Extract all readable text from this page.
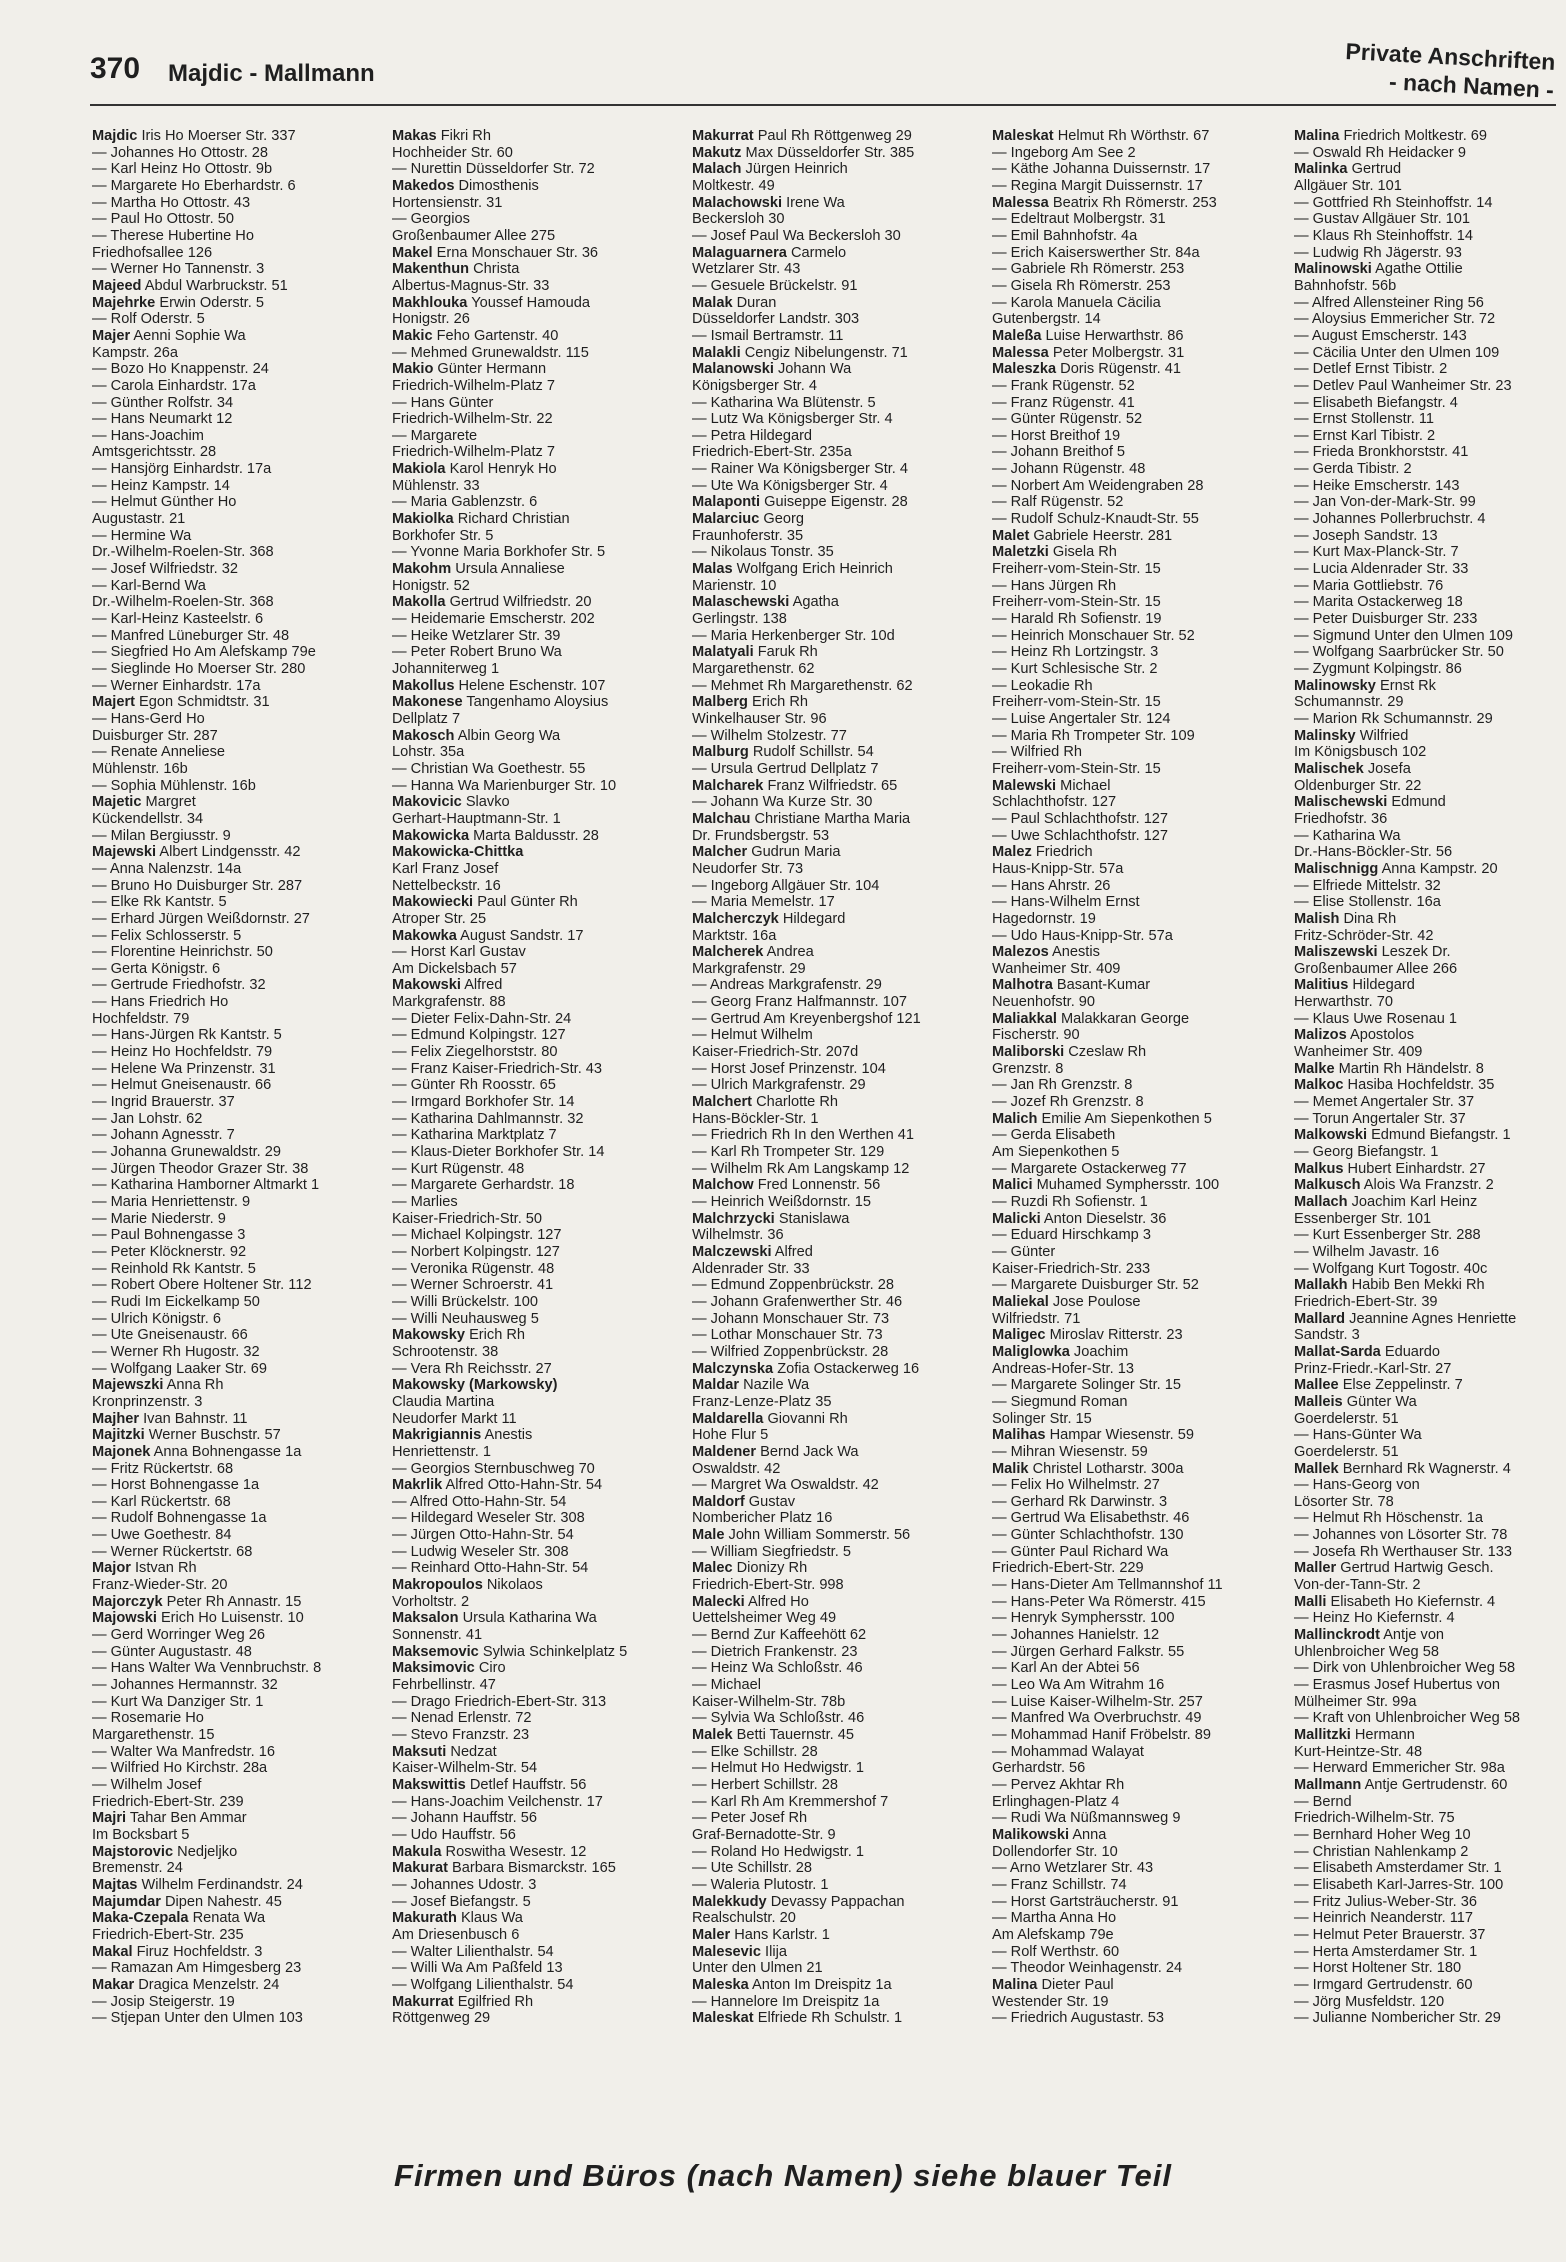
370 Majdic - Mallmann	Private Anschriften
- nach Namen -

Majdic Iris Ho Moerser Str. 337

— Johannes Ho Ottostr. 28

— Karl Heinz Ho Ottostr. 9b

— Margarete Ho Eberhardstr. 6

— Martha Ho Ottostr. 43

— Paul Ho Ottostr. 50

— Therese Hubertine Ho

Friedhofsallee 126

— Werner Ho Tannenstr. 3

Majeed Abdul Warbruckstr. 51

Majehrke Erwin Oderstr. 5

— Rolf Oderstr. 5

Majer Aenni Sophie Wa

Kampstr. 26a

— Bozo Ho Knappenstr. 24

— Carola Einhardstr. 17a

— Günther Rolfstr. 34

— Hans Neumarkt 12

— Hans-Joachim

Amtsgerichtsstr. 28

— Hansjörg Einhardstr. 17a

— Heinz Kampstr. 14

— Helmut Günther Ho

Augustastr. 21

— Hermine Wa

Dr.-Wilhelm-Roelen-Str. 368

— Josef Wilfriedstr. 32

— Karl-Bernd Wa

Dr.-Wilhelm-Roelen-Str. 368

— Karl-Heinz Kasteelstr. 6

— Manfred Lüneburger Str. 48

— Siegfried Ho Am Alefskamp 79e

— Sieglinde Ho Moerser Str. 280

— Werner Einhardstr. 17a

Majert Egon Schmidtstr. 31

— Hans-Gerd Ho

Duisburger Str. 287

— Renate Anneliese

Mühlenstr. 16b

— Sophia Mühlenstr. 16b

Majetic Margret

Kückendellstr. 34

— Milan Bergiusstr. 9

Majewski Albert Lindgensstr. 42

— Anna Nalenzstr. 14a

— Bruno Ho Duisburger Str. 287

— Elke Rk Kantstr. 5

— Erhard Jürgen Weißdornstr. 27

— Felix Schlosserstr. 5

— Florentine Heinrichstr. 50

— Gerta Königstr. 6

— Gertrude Friedhofstr. 32

— Hans Friedrich Ho

Hochfeldstr. 79

— Hans-Jürgen Rk Kantstr. 5

— Heinz Ho Hochfeldstr. 79

— Helene Wa Prinzenstr. 31

— Helmut Gneisenaustr. 66

— Ingrid Brauerstr. 37

— Jan Lohstr. 62

— Johann Agnesstr. 7

— Johanna Grunewaldstr. 29

— Jürgen Theodor Grazer Str. 38

— Katharina Hamborner Altmarkt 1

— Maria Henriettenstr. 9

— Marie Niederstr. 9

— Paul Bohnengasse 3

— Peter Klöcknerstr. 92

— Reinhold Rk Kantstr. 5

— Robert Obere Holtener Str. 112

— Rudi Im Eickelkamp 50

— Ulrich Königstr. 6

— Ute Gneisenaustr. 66

— Werner Rh Hugostr. 32

— Wolfgang Laaker Str. 69

Majewszki Anna Rh

Kronprinzenstr. 3

Majher Ivan Bahnstr. 11

Majitzki Werner Buschstr. 57

Majonek Anna Bohnengasse 1a

— Fritz Rückertstr. 68

— Horst Bohnengasse 1a

— Karl Rückertstr. 68

— Rudolf Bohnengasse 1a

— Uwe Goethestr. 84

— Werner Rückertstr. 68

Major Istvan Rh

Franz-Wieder-Str. 20

Majorczyk Peter Rh Annastr. 15

Majowski Erich Ho Luisenstr. 10

— Gerd Worringer Weg 26

— Günter Augustastr. 48

— Hans Walter Wa Vennbruchstr. 8

— Johannes Hermannstr. 32

— Kurt Wa Danziger Str. 1

— Rosemarie Ho

Margarethenstr. 15

— Walter Wa Manfredstr. 16

— Wilfried Ho Kirchstr. 28a

— Wilhelm Josef

Friedrich-Ebert-Str. 239

Majri Tahar Ben Ammar

Im Bocksbart 5

Majstorovic Nedjeljko

Bremenstr. 24

Majtas Wilhelm Ferdinandstr. 24

Majumdar Dipen Nahestr. 45

Maka-Czepala Renata Wa

Friedrich-Ebert-Str. 235

Makal Firuz Hochfeldstr. 3

— Ramazan Am Himgesberg 23

Makar Dragica Menzelstr. 24

— Josip Steigerstr. 19

— Stjepan Unter den Ulmen 103

Makas Fikri Rh

Hochheider Str. 60

— Nurettin Düsseldorfer Str. 72

Makedos Dimosthenis

Hortensienstr. 31

— Georgios

Großenbaumer Allee 275

Makel Erna Monschauer Str. 36

Makenthun Christa

Albertus-Magnus-Str. 33

Makhlouka Youssef Hamouda

Honigstr. 26

Makic Feho Gartenstr. 40

— Mehmed Grunewaldstr. 115

Makio Günter Hermann

Friedrich-Wilhelm-Platz 7

— Hans Günter

Friedrich-Wilhelm-Str. 22

— Margarete

Friedrich-Wilhelm-Platz 7

Makiola Karol Henryk Ho

Mühlenstr. 33

— Maria Gablenzstr. 6

Makiolka Richard Christian

Borkhofer Str. 5

— Yvonne Maria Borkhofer Str. 5

Makohm Ursula Annaliese

Honigstr. 52

Makolla Gertrud Wilfriedstr. 20

— Heidemarie Emscherstr. 202

— Heike Wetzlarer Str. 39

— Peter Robert Bruno Wa

Johanniterweg 1

Makollus Helene Eschenstr. 107

Makonese Tangenhamo Aloysius

Dellplatz 7

Makosch Albin Georg Wa

Lohstr. 35a

— Christian Wa Goethestr. 55

— Hanna Wa Marienburger Str. 10

Makovicic Slavko

Gerhart-Hauptmann-Str. 1

Makowicka Marta Baldusstr. 28

Makowicka-Chittka

Karl Franz Josef

Nettelbeckstr. 16

Makowiecki Paul Günter Rh

Atroper Str. 25

Makowka August Sandstr. 17

— Horst Karl Gustav

Am Dickelsbach 57

Makowski Alfred

Markgrafenstr. 88

— Dieter Felix-Dahn-Str. 24

— Edmund Kolpingstr. 127

— Felix Ziegelhorststr. 80

— Franz Kaiser-Friedrich-Str. 43

— Günter Rh Roosstr. 65

— Irmgard Borkhofer Str. 14

— Katharina Dahlmannstr. 32

— Katharina Marktplatz 7

— Klaus-Dieter Borkhofer Str. 14

— Kurt Rügenstr. 48

— Margarete Gerhardstr. 18

— Marlies

Kaiser-Friedrich-Str. 50

— Michael Kolpingstr. 127

— Norbert Kolpingstr. 127

— Veronika Rügenstr. 48

— Werner Schroerstr. 41

— Willi Brückelstr. 100

— Willi Neuhausweg 5

Makowsky Erich Rh

Schrootenstr. 38

— Vera Rh Reichsstr. 27

Makowsky (Markowsky)

Claudia Martina

Neudorfer Markt 11

Makrigiannis Anestis

Henriettenstr. 1

— Georgios Sternbuschweg 70

Makrlik Alfred Otto-Hahn-Str. 54

— Alfred Otto-Hahn-Str. 54

— Hildegard Weseler Str. 308

— Jürgen Otto-Hahn-Str. 54

— Ludwig Weseler Str. 308

— Reinhard Otto-Hahn-Str. 54

Makropoulos Nikolaos

Vorholtstr. 2

Maksalon Ursula Katharina Wa

Sonnenstr. 41

Maksemovic Sylwia Schinkelplatz 5

Maksimovic Ciro

Fehrbellinstr. 47

— Drago Friedrich-Ebert-Str. 313

— Nenad Erlenstr. 72

— Stevo Franzstr. 23

Maksuti Nedzat

Kaiser-Wilhelm-Str. 54

Makswittis Detlef Hauffstr. 56

— Hans-Joachim Veilchenstr. 17

— Johann Hauffstr. 56

— Udo Hauffstr. 56

Makula Roswitha Wesestr. 12

Makurat Barbara Bismarckstr. 165

— Johannes Udostr. 3

— Josef Biefangstr. 5

Makurath Klaus Wa

Am Driesenbusch 6

— Walter Lilienthalstr. 54

— Willi Wa Am Paßfeld 13

— Wolfgang Lilienthalstr. 54

Makurrat Egilfried Rh

Röttgenweg 29

Makurrat Paul Rh Röttgenweg 29

Makutz Max Düsseldorfer Str. 385

Malach Jürgen Heinrich

Moltkestr. 49

Malachowski Irene Wa

Beckersloh 30

— Josef Paul Wa Beckersloh 30

Malaguarnera Carmelo

Wetzlarer Str. 43

— Gesuele Brückelstr. 91

Malak Duran

Düsseldorfer Landstr. 303

— Ismail Bertramstr. 11

Malakli Cengiz Nibelungenstr. 71

Malanowski Johann Wa

Königsberger Str. 4

— Katharina Wa Blütenstr. 5

— Lutz Wa Königsberger Str. 4

— Petra Hildegard

Friedrich-Ebert-Str. 235a

— Rainer Wa Königsberger Str. 4

— Ute Wa Königsberger Str. 4

Malaponti Guiseppe Eigenstr. 28

Malarciuc Georg

Fraunhoferstr. 35

— Nikolaus Tonstr. 35

Malas Wolfgang Erich Heinrich

Marienstr. 10

Malaschewski Agatha

Gerlingstr. 138

— Maria Herkenberger Str. 10d

Malatyali Faruk Rh

Margarethenstr. 62

— Mehmet Rh Margarethenstr. 62

Malberg Erich Rh

Winkelhauser Str. 96

— Wilhelm Stolzestr. 77

Malburg Rudolf Schillstr. 54

— Ursula Gertrud Dellplatz 7

Malcharek Franz Wilfriedstr. 65

— Johann Wa Kurze Str. 30

Malchau Christiane Martha Maria

Dr. Frundsbergstr. 53

Malcher Gudrun Maria

Neudorfer Str. 73

— Ingeborg Allgäuer Str. 104

— Maria Memelstr. 17

Malcherczyk Hildegard

Marktstr. 16a

Malcherek Andrea

Markgrafenstr. 29

— Andreas Markgrafenstr. 29

— Georg Franz Halfmannstr. 107

— Gertrud Am Kreyenbergshof 121

— Helmut Wilhelm

Kaiser-Friedrich-Str. 207d

— Horst Josef Prinzenstr. 104

— Ulrich Markgrafenstr. 29

Malchert Charlotte Rh

Hans-Böckler-Str. 1

— Friedrich Rh In den Werthen 41

— Karl Rh Trompeter Str. 129

— Wilhelm Rk Am Langskamp 12

Malchow Fred Lonnenstr. 56

— Heinrich Weißdornstr. 15

Malchrzycki Stanislawa

Wilhelmstr. 36

Malczewski Alfred

Aldenrader Str. 33

— Edmund Zoppenbrückstr. 28

— Johann Grafenwerther Str. 46

— Johann Monschauer Str. 73

— Lothar Monschauer Str. 73

— Wilfried Zoppenbrückstr. 28

Malczynska Zofia Ostackerweg 16

Maldar Nazile Wa

Franz-Lenze-Platz 35

Maldarella Giovanni Rh

Hohe Flur 5

Maldener Bernd Jack Wa

Oswaldstr. 42

— Margret Wa Oswaldstr. 42

Maldorf Gustav

Nombericher Platz 16

Male John William Sommerstr. 56

— William Siegfriedstr. 5

Malec Dionizy Rh

Friedrich-Ebert-Str. 998

Malecki Alfred Ho

Uettelsheimer Weg 49

— Bernd Zur Kaffeehött 62

— Dietrich Frankenstr. 23

— Heinz Wa Schloßstr. 46

— Michael

Kaiser-Wilhelm-Str. 78b

— Sylvia Wa Schloßstr. 46

Malek Betti Tauernstr. 45

— Elke Schillstr. 28

— Helmut Ho Hedwigstr. 1

— Herbert Schillstr. 28

— Karl Rh Am Kremmershof 7

— Peter Josef Rh

Graf-Bernadotte-Str. 9

— Roland Ho Hedwigstr. 1

— Ute Schillstr. 28

— Waleria Plutostr. 1

Malekkudy Devassy Pappachan

Realschulstr. 20

Maler Hans Karlstr. 1

Malesevic Ilija

Unter den Ulmen 21

Maleska Anton Im Dreispitz 1a

— Hannelore Im Dreispitz 1a

Maleskat Elfriede Rh Schulstr. 1

Maleskat Helmut Rh Wörthstr. 67

— Ingeborg Am See 2

— Käthe Johanna Duissernstr. 17

— Regina Margit Duissernstr. 17

Malessa Beatrix Rh Römerstr. 253

— Edeltraut Molbergstr. 31

— Emil Bahnhofstr. 4a

— Erich Kaiserswerther Str. 84a

— Gabriele Rh Römerstr. 253

— Gisela Rh Römerstr. 253

— Karola Manuela Cäcilia

Gutenbergstr. 14

Maleßa Luise Herwarthstr. 86

Malessa Peter Molbergstr. 31

Maleszka Doris Rügenstr. 41

— Frank Rügenstr. 52

— Franz Rügenstr. 41

— Günter Rügenstr. 52

— Horst Breithof 19

— Johann Breithof 5

— Johann Rügenstr. 48

— Norbert Am Weidengraben 28

— Ralf Rügenstr. 52

— Rudolf Schulz-Knaudt-Str. 55

Malet Gabriele Heerstr. 281

Maletzki Gisela Rh

Freiherr-vom-Stein-Str. 15

— Hans Jürgen Rh

Freiherr-vom-Stein-Str. 15

— Harald Rh Sofienstr. 19

— Heinrich Monschauer Str. 52

— Heinz Rh Lortzingstr. 3

— Kurt Schlesische Str. 2

— Leokadie Rh

Freiherr-vom-Stein-Str. 15

— Luise Angertaler Str. 124

— Maria Rh Trompeter Str. 109

— Wilfried Rh

Freiherr-vom-Stein-Str. 15

Malewski Michael

Schlachthofstr. 127

— Paul Schlachthofstr. 127

— Uwe Schlachthofstr. 127

Malez Friedrich

Haus-Knipp-Str. 57a

— Hans Ahrstr. 26

— Hans-Wilhelm Ernst

Hagedornstr. 19

— Udo Haus-Knipp-Str. 57a

Malezos Anestis

Wanheimer Str. 409

Malhotra Basant-Kumar

Neuenhofstr. 90

Maliakkal Malakkaran George

Fischerstr. 90

Maliborski Czeslaw Rh

Grenzstr. 8

— Jan Rh Grenzstr. 8

— Jozef Rh Grenzstr. 8

Malich Emilie Am Siepenkothen 5

— Gerda Elisabeth

Am Siepenkothen 5

— Margarete Ostackerweg 77

Malici Muhamed Symphersstr. 100

— Ruzdi Rh Sofienstr. 1

Malicki Anton Dieselstr. 36

— Eduard Hirschkamp 3

— Günter

Kaiser-Friedrich-Str. 233

— Margarete Duisburger Str. 52

Maliekal Jose Poulose

Wilfriedstr. 71

Maligec Miroslav Ritterstr. 23

Maliglowka Joachim

Andreas-Hofer-Str. 13

— Margarete Solinger Str. 15

— Siegmund Roman

Solinger Str. 15

Malihas Hampar Wiesenstr. 59

— Mihran Wiesenstr. 59

Malik Christel Lotharstr. 300a

— Felix Ho Wilhelmstr. 27

— Gerhard Rk Darwinstr. 3

— Gertrud Wa Elisabethstr. 46

— Günter Schlachthofstr. 130

— Günter Paul Richard Wa

Friedrich-Ebert-Str. 229

— Hans-Dieter Am Tellmannshof 11

— Hans-Peter Wa Römerstr. 415

— Henryk Symphersstr. 100

— Johannes Hanielstr. 12

— Jürgen Gerhard Falkstr. 55

— Karl An der Abtei 56

— Leo Wa Am Witrahm 16

— Luise Kaiser-Wilhelm-Str. 257

— Manfred Wa Overbruchstr. 49

— Mohammad Hanif Fröbelstr. 89

— Mohammad Walayat

Gerhardstr. 56

— Pervez Akhtar Rh

Erlinghagen-Platz 4

— Rudi Wa Nüßmannsweg 9

Malikowski Anna

Dollendorfer Str. 10

— Arno Wetzlarer Str. 43

— Franz Schillstr. 74

— Horst Gartsträucherstr. 91

— Martha Anna Ho

Am Alefskamp 79e

— Rolf Werthstr. 60

— Theodor Weinhagenstr. 24

Malina Dieter Paul

Westender Str. 19

— Friedrich Augustastr. 53

Malina Friedrich Moltkestr. 69

— Oswald Rh Heidacker 9

Malinka Gertrud

Allgäuer Str. 101

— Gottfried Rh Steinhoffstr. 14

— Gustav Allgäuer Str. 101

— Klaus Rh Steinhoffstr. 14

— Ludwig Rh Jägerstr. 93

Malinowski Agathe Ottilie

Bahnhofstr. 56b

— Alfred Allensteiner Ring 56

— Aloysius Emmericher Str. 72

— August Emscherstr. 143

— Cäcilia Unter den Ulmen 109

— Detlef Ernst Tibistr. 2

— Detlev Paul Wanheimer Str. 23

— Elisabeth Biefangstr. 4

— Ernst Stollenstr. 11

— Ernst Karl Tibistr. 2

— Frieda Bronkhorststr. 41

— Gerda Tibistr. 2

— Heike Emscherstr. 143

— Jan Von-der-Mark-Str. 99

— Johannes Pollerbruchstr. 4

— Joseph Sandstr. 13

— Kurt Max-Planck-Str. 7

— Lucia Aldenrader Str. 33

— Maria Gottliebstr. 76

— Marita Ostackerweg 18

— Peter Duisburger Str. 233

— Sigmund Unter den Ulmen 109

— Wolfgang Saarbrücker Str. 50

— Zygmunt Kolpingstr. 86

Malinowsky Ernst Rk

Schumannstr. 29

— Marion Rk Schumannstr. 29

Malinsky Wilfried

Im Königsbusch 102

Malischek Josefa

Oldenburger Str. 22

Malischewski Edmund

Friedhofstr. 36

— Katharina Wa

Dr.-Hans-Böckler-Str. 56

Malischnigg Anna Kampstr. 20

— Elfriede Mittelstr. 32

— Elise Stollenstr. 16a

Malish Dina Rh

Fritz-Schröder-Str. 42

Maliszewski Leszek Dr.

Großenbaumer Allee 266

Malitius Hildegard

Herwarthstr. 70

— Klaus Uwe Rosenau 1

Malizos Apostolos

Wanheimer Str. 409

Malke Martin Rh Händelstr. 8

Malkoc Hasiba Hochfeldstr. 35

— Memet Angertaler Str. 37

— Torun Angertaler Str. 37

Malkowski Edmund Biefangstr. 1

— Georg Biefangstr. 1

Malkus Hubert Einhardstr. 27

Malkusch Alois Wa Franzstr. 2

Mallach Joachim Karl Heinz

Essenberger Str. 101

— Kurt Essenberger Str. 288

— Wilhelm Javastr. 16

— Wolfgang Kurt Togostr. 40c

Mallakh Habib Ben Mekki Rh

Friedrich-Ebert-Str. 39

Mallard Jeannine Agnes Henriette

Sandstr. 3

Mallat-Sarda Eduardo

Prinz-Friedr.-Karl-Str. 27

Mallee Else Zeppelinstr. 7

Malleis Günter Wa

Goerdelerstr. 51

— Hans-Günter Wa

Goerdelerstr. 51

Mallek Bernhard Rk Wagnerstr. 4

— Hans-Georg von

Lösorter Str. 78

— Helmut Rh Höschenstr. 1a

— Johannes von Lösorter Str. 78

— Josefa Rh Werthauser Str. 133

Maller Gertrud Hartwig Gesch.

Von-der-Tann-Str. 2

Malli Elisabeth Ho Kiefernstr. 4

— Heinz Ho Kiefernstr. 4

Mallinckrodt Antje von

Uhlenbroicher Weg 58

— Dirk von Uhlenbroicher Weg 58

— Erasmus Josef Hubertus von

Mülheimer Str. 99a

— Kraft von Uhlenbroicher Weg 58

Mallitzki Hermann

Kurt-Heintze-Str. 48

— Herward Emmericher Str. 98a

Mallmann Antje Gertrudenstr. 60

— Bernd

Friedrich-Wilhelm-Str. 75

— Bernhard Hoher Weg 10

— Christian Nahlenkamp 2

— Elisabeth Amsterdamer Str. 1

— Elisabeth Karl-Jarres-Str. 100

— Fritz Julius-Weber-Str. 36

— Heinrich Neanderstr. 117

— Helmut Peter Brauerstr. 37

— Herta Amsterdamer Str. 1

— Horst Holtener Str. 180

— Irmgard Gertrudenstr. 60

— Jörg Musfeldstr. 120

— Julianne Nombericher Str. 29

Firmen und Büros (nach Namen) siehe blauer Teil
